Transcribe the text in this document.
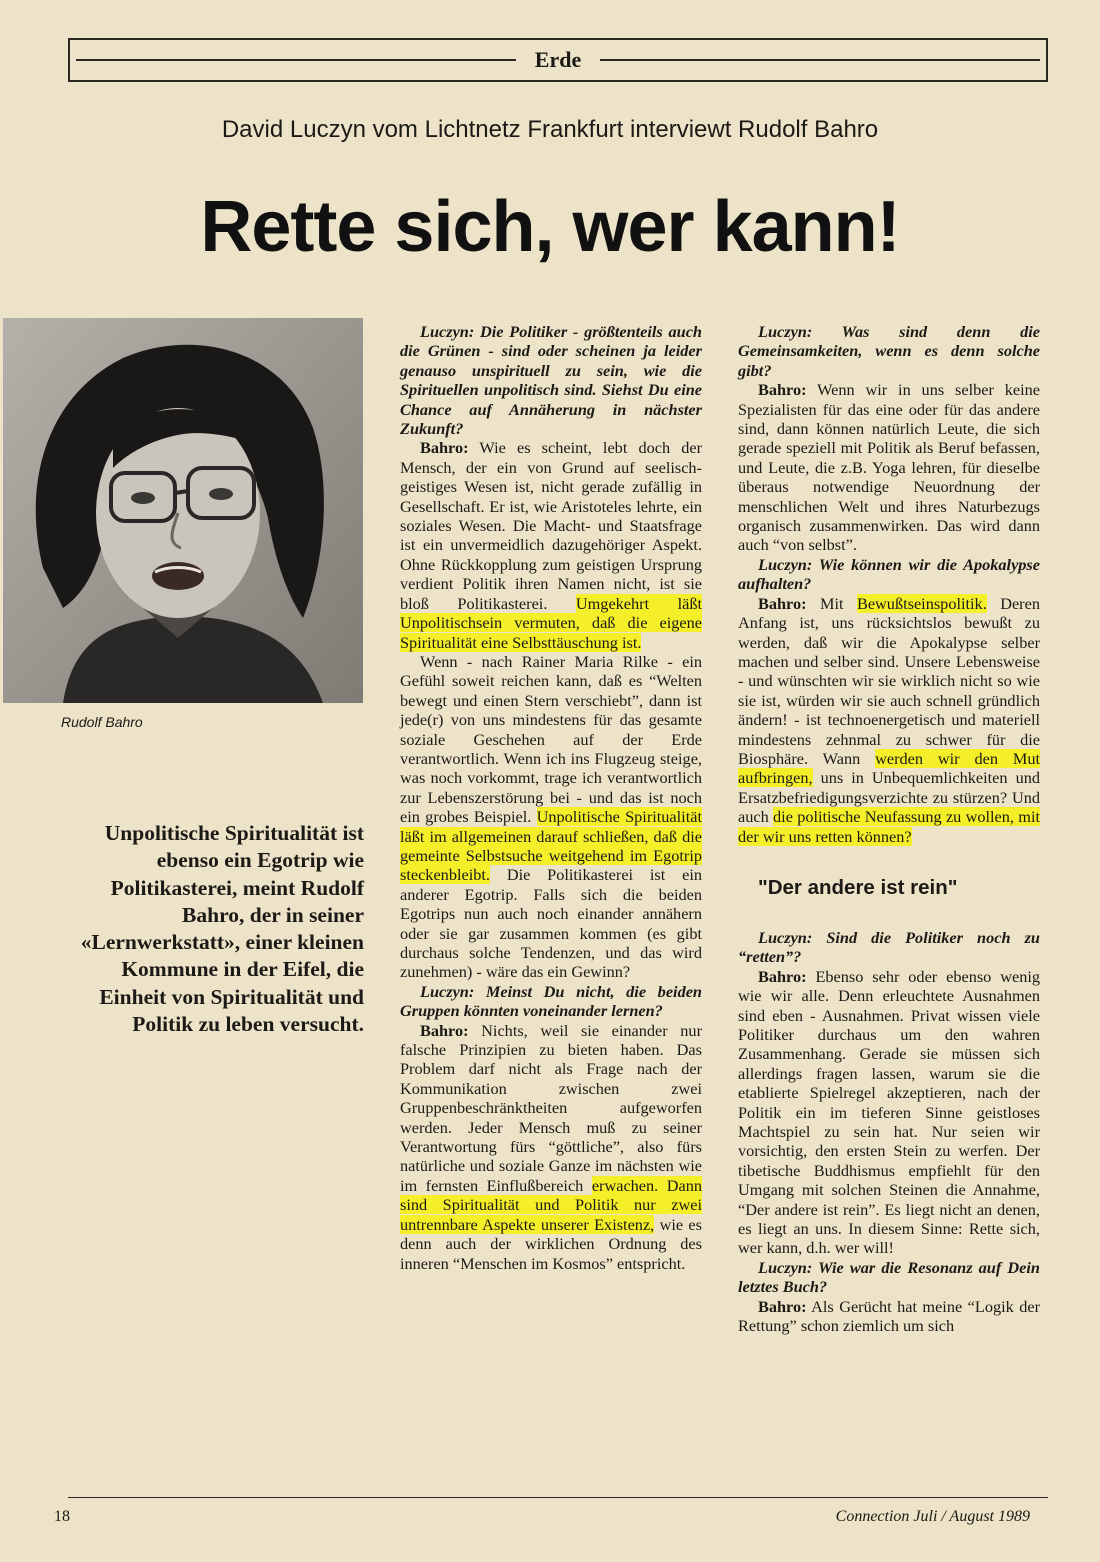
Erde
David Luczyn vom Lichtnetz Frankfurt interviewt Rudolf Bahro
Rette sich, wer kann!
Rudolf Bahro
Unpolitische Spiritualität ist ebenso ein Egotrip wie Politikasterei, meint Rudolf Bahro, der in seiner «Lernwerkstatt», einer kleinen Kommune in der Eifel, die Einheit von Spiritualität und Politik zu leben versucht.

Luczyn: Die Politiker - größtenteils auch die Grünen - sind oder scheinen ja leider genauso unspirituell zu sein, wie die Spirituellen unpolitisch sind. Siehst Du eine Chance auf Annäherung in nächster Zukunft?

Bahro: Wie es scheint, lebt doch der Mensch, der ein von Grund auf seelisch-geistiges Wesen ist, nicht gerade zufällig in Gesellschaft. Er ist, wie Aristoteles lehrte, ein soziales Wesen. Die Macht- und Staatsfrage ist ein unvermeidlich dazugehöriger Aspekt. Ohne Rückkopplung zum geistigen Ursprung verdient Politik ihren Namen nicht, ist sie bloß Politikasterei. Umgekehrt läßt Unpolitischsein vermuten, daß die eigene Spiritualität eine Selbsttäuschung ist.

Wenn - nach Rainer Maria Rilke - ein Gefühl soweit reichen kann, daß es “Welten bewegt und einen Stern verschiebt”, dann ist jede(r) von uns mindestens für das gesamte soziale Geschehen auf der Erde verantwortlich. Wenn ich ins Flugzeug steige, was noch vorkommt, trage ich verantwortlich zur Lebenszerstörung bei - und das ist noch ein grobes Beispiel. Unpolitische Spiritualität läßt im allgemeinen darauf schließen, daß die gemeinte Selbstsuche weitgehend im Egotrip steckenbleibt. Die Politikasterei ist ein anderer Egotrip. Falls sich die beiden Egotrips nun auch noch einander annähern oder sie gar zusammen kommen (es gibt durchaus solche Tendenzen, und das wird zunehmen) - wäre das ein Gewinn?

Luczyn: Meinst Du nicht, die beiden Gruppen könnten voneinander lernen?

Bahro: Nichts, weil sie einander nur falsche Prinzipien zu bieten haben. Das Problem darf nicht als Frage nach der Kommunikation zwischen zwei Gruppenbeschränktheiten aufgeworfen werden. Jeder Mensch muß zu seiner Verantwortung fürs “göttliche”, also fürs natürliche und soziale Ganze im nächsten wie im fernsten Einflußbereich erwachen. Dann sind Spiritualität und Politik nur zwei untrennbare Aspekte unserer Existenz, wie es denn auch der wirklichen Ordnung des inneren “Menschen im Kosmos” entspricht.

Luczyn: Was sind denn die Gemeinsamkeiten, wenn es denn solche gibt?

Bahro: Wenn wir in uns selber keine Spezialisten für das eine oder für das andere sind, dann können natürlich Leute, die sich gerade speziell mit Politik als Beruf befassen, und Leute, die z.B. Yoga lehren, für dieselbe überaus notwendige Neuordnung der menschlichen Welt und ihres Naturbezugs organisch zusammenwirken. Das wird dann auch “von selbst”.

Luczyn: Wie können wir die Apokalypse aufhalten?

Bahro: Mit Bewußtseinspolitik. Deren Anfang ist, uns rücksichtslos bewußt zu werden, daß wir die Apokalypse selber machen und selber sind. Unsere Lebensweise - und wünschten wir sie wirklich nicht so wie sie ist, würden wir sie auch schnell gründlich ändern! - ist technoenergetisch und materiell mindestens zehnmal zu schwer für die Biosphäre. Wann werden wir den Mut aufbringen, uns in Unbequemlichkeiten und Ersatzbefriedigungsverzichte zu stürzen? Und auch die politische Neufassung zu wollen, mit der wir uns retten können?

"Der andere ist rein"

Luczyn: Sind die Politiker noch zu “retten”?

Bahro: Ebenso sehr oder ebenso wenig wie wir alle. Denn erleuchtete Ausnahmen sind eben - Ausnahmen. Privat wissen viele Politiker durchaus um den wahren Zusammenhang. Gerade sie müssen sich allerdings fragen lassen, warum sie die etablierte Spielregel akzeptieren, nach der Politik ein im tieferen Sinne geistloses Machtspiel zu sein hat. Nur seien wir vorsichtig, den ersten Stein zu werfen. Der tibetische Buddhismus empfiehlt für den Umgang mit solchen Steinen die Annahme, “Der andere ist rein”. Es liegt nicht an denen, es liegt an uns. In diesem Sinne: Rette sich, wer kann, d.h. wer will!

Luczyn: Wie war die Resonanz auf Dein letztes Buch?

Bahro: Als Gerücht hat meine “Logik der Rettung” schon ziemlich um sich

18	Connection Juli / August 1989
